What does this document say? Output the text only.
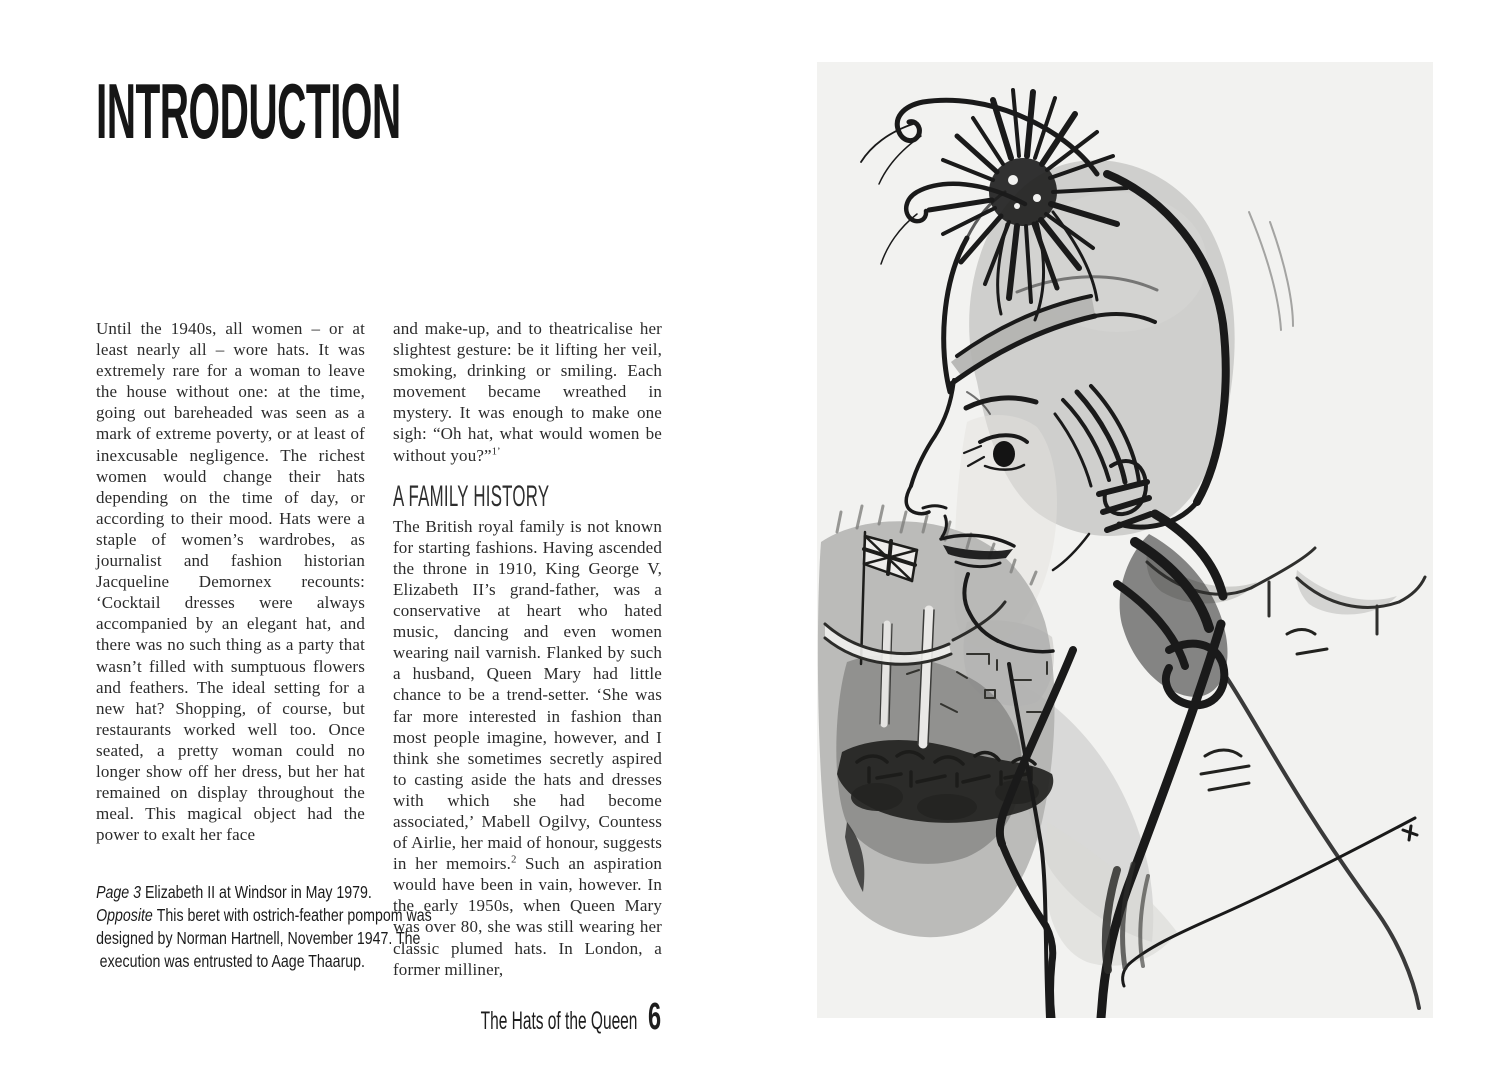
INTRODUCTION

Until the 1940s, all women – or at least nearly all – wore hats. It was extremely rare for a woman to leave the house without one: at the time, going out bareheaded was seen as a mark of extreme poverty, or at least of inexcusable negligence. The richest women would change their hats depending on the time of day, or according to their mood. Hats were a staple of women’s wardrobes, as journalist and fashion historian Jacqueline Demornex recounts: ‘Cocktail dresses were always accompanied by an elegant hat, and there was no such thing as a party that wasn’t filled with sumptuous flowers and feathers. The ideal setting for a new hat? Shopping, of course, but restaurants worked well too. Once seated, a pretty woman could no longer show off her dress, but her hat remained on display throughout the meal. This magical object had the power to exalt her face

Page 3 Elizabeth II at Windsor in May 1979.
Opposite This beret with ostrich-feather pompom was
designed by Norman Hartnell, November 1947. The
execution was entrusted to Aage Thaarup.

and make-up, and to theatricalise her slightest gesture: be it lifting her veil, smoking, drinking or smiling. Each movement became wreathed in mystery. It was enough to make one sigh: “Oh hat, what would women be without you?”$^{1’}$

A FAMILY HISTORY

The British royal family is not known for starting fashions. Having ascended the throne in 1910, King George V, Elizabeth II’s grand-father, was a conservative at heart who hated music, dancing and even women wearing nail varnish. Flanked by such a husband, Queen Mary had little chance to be a trend-setter. ‘She was far more interested in fashion than most people imagine, however, and I think she sometimes secretly aspired to casting aside the hats and dresses with which she had become associated,’ Mabell Ogilvy, Countess of Airlie, her maid of honour, suggests in her memoirs.$^2$ Such an aspiration would have been in vain, however. In the early 1950s, when Queen Mary was over 80, she was still wearing her classic plumed hats. In London, a former milliner,

The Hats of the Queen 6
